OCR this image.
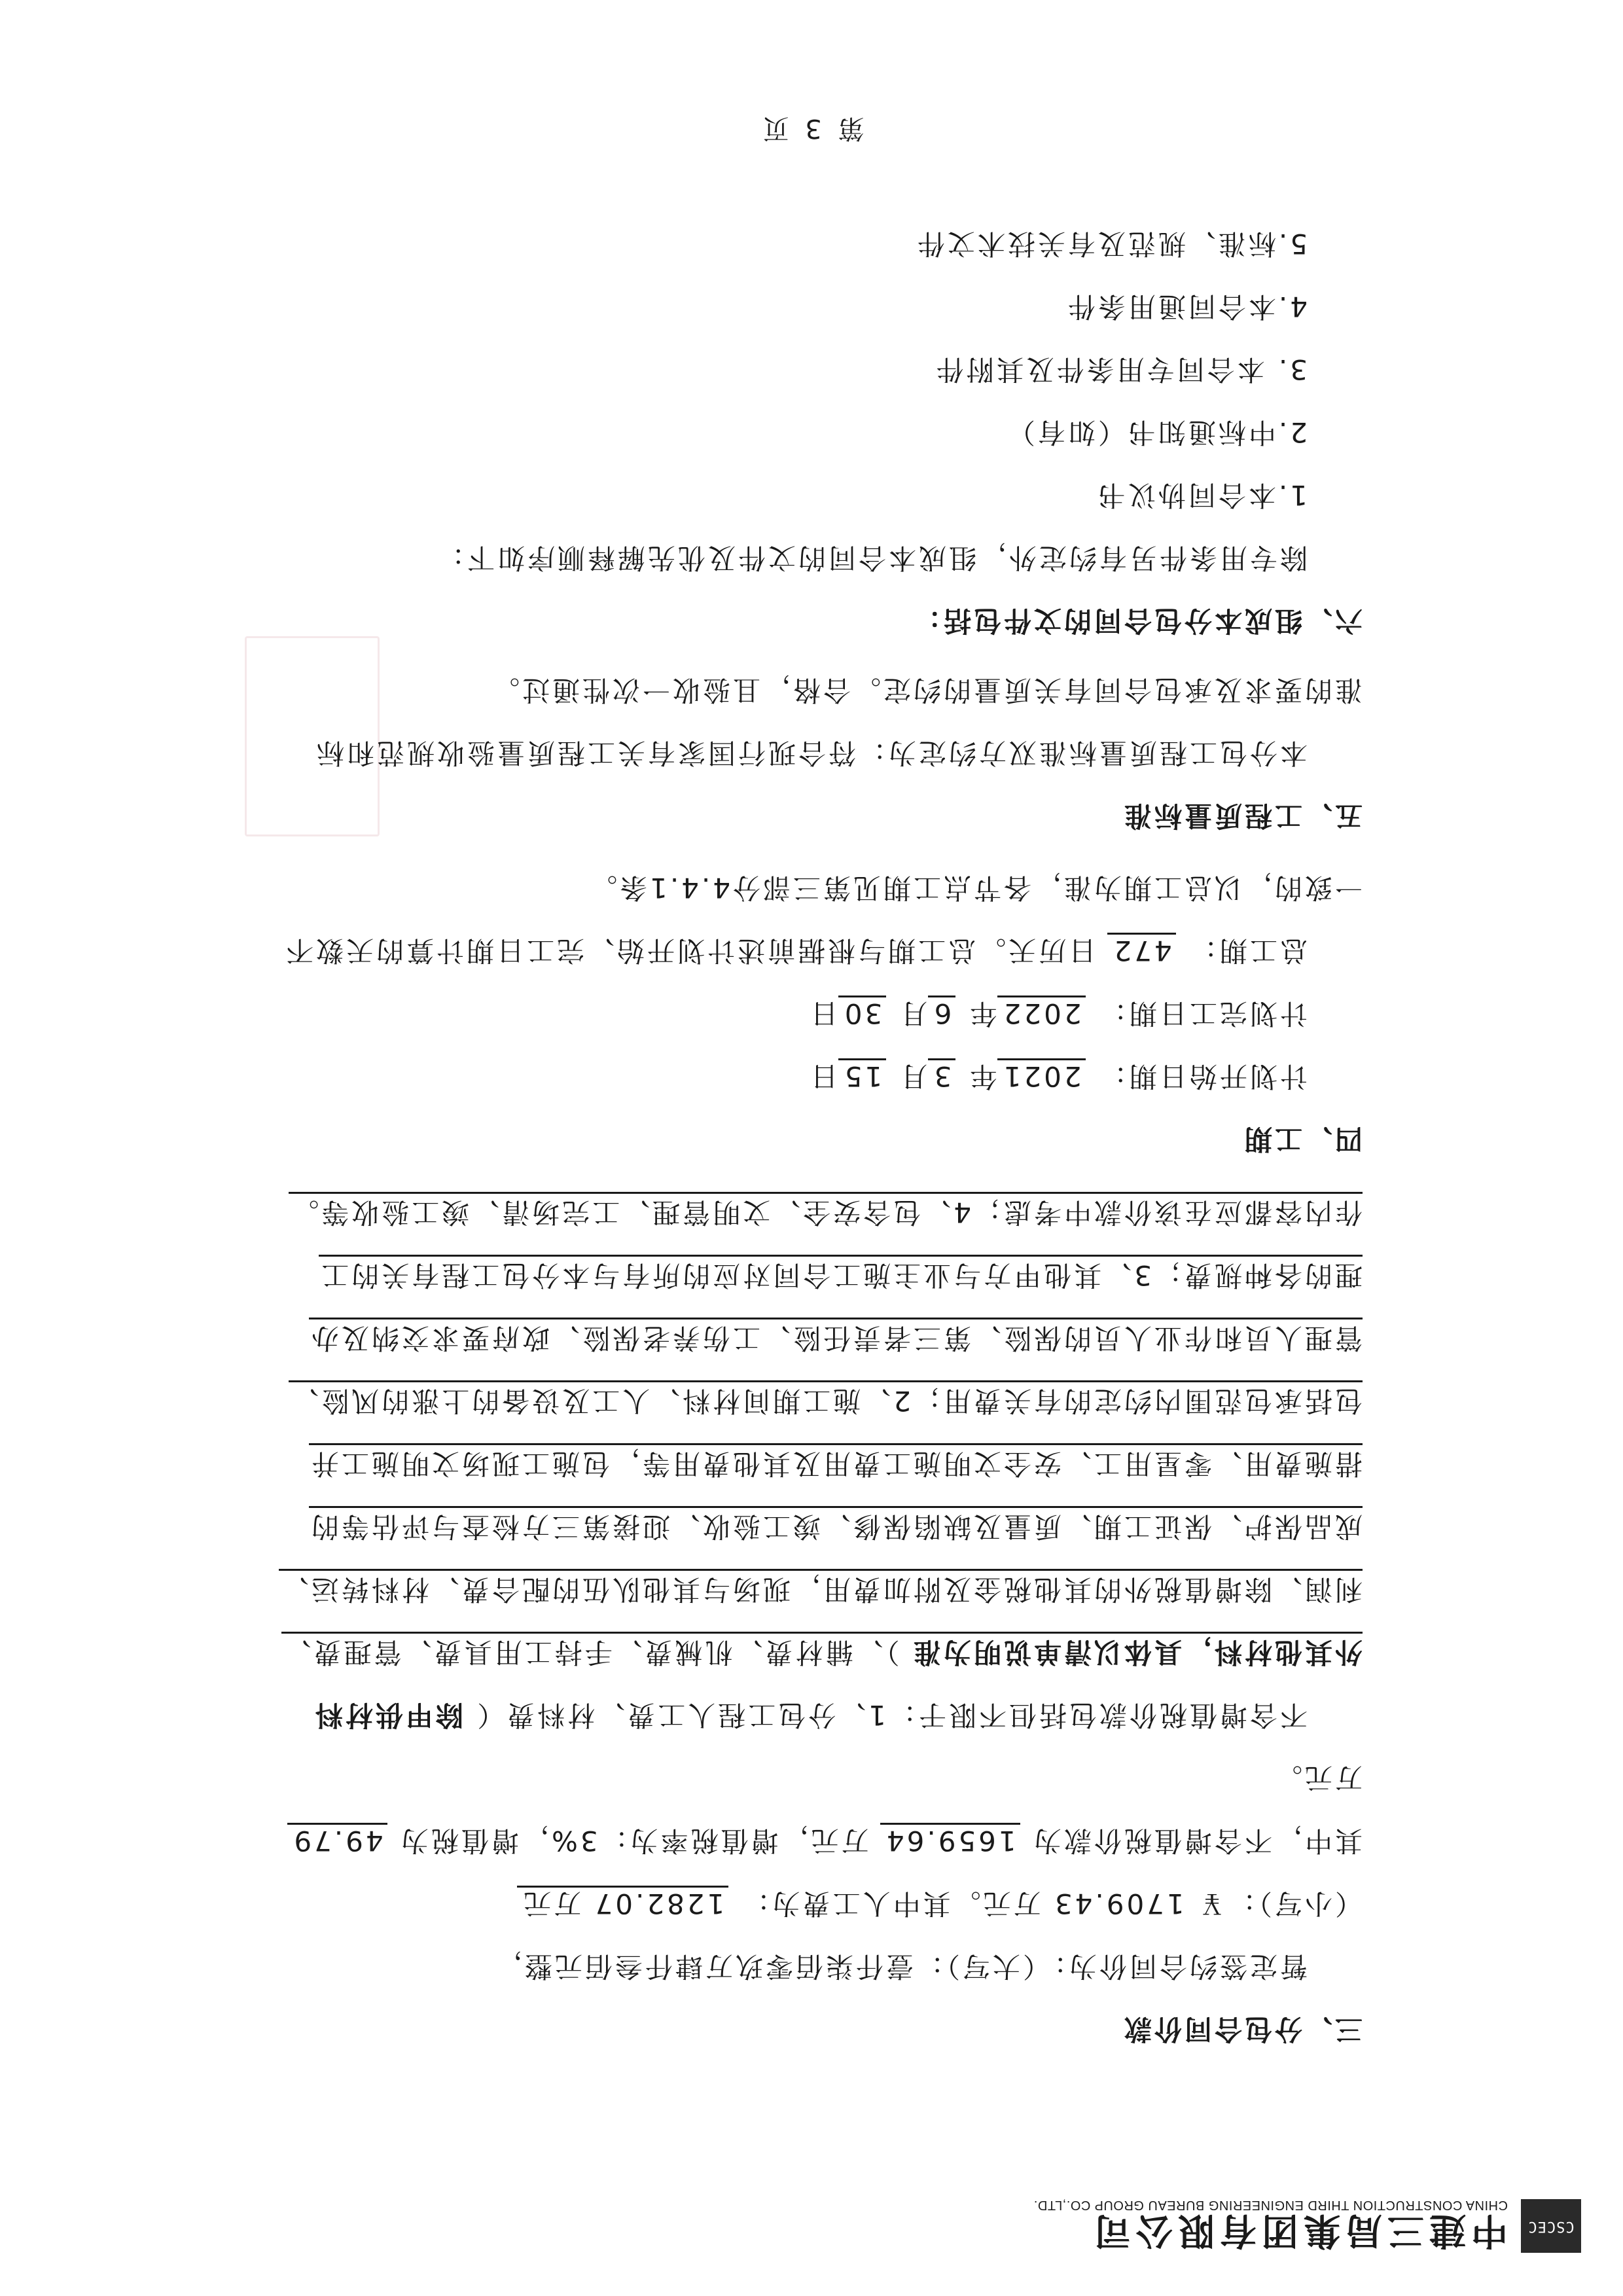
CSCEC
中建三局集团有限公司
CHINA CONSTRUCTION THIRD ENGINEERING BUREAU GROUP CO.,LTD.
三、分包合同价款
暂定签约合同价为：（大写）：壹仟柒佰零玖万肆仟叁佰元整，
（小写）：￥ 1709.43 万元。其中人工费为： 1282.07 万元
其中，不含增值税价款为 1659.64 万元，增值税率为：3%，增值税为 49.79
万元。
不含增值税价款包括但不限于：1、分包工程人工费、材料费（ 除甲供材料
外其他材料，具体以清单说明为准 ）、辅材费、机械费、手持工用具费、管理费、
利润、除增值税外的其他税金及附加费用，现场与其他队伍的配合费、材料转运、
成品保护、保证工期、质量及缺陷保修、竣工验收、迎接第三方检查与评估等的
措施费用、零星用工、安全文明施工费用及其他费用等，包施工现场文明施工并
包括承包范围内约定的有关费用；2、施工期间材料、人工及设备的上涨的风险、
管理人员和作业人员的保险、第三者责任险、工伤养老保险、政府要求交纳及办
理的各种规费；3、其他甲方与业主施工合同对应的所有与本分包工程有关的工
作内容都应在该价款中考虑；4、包含安全、文明管理、工完场清、竣工验收等。
四、工期
计划开始日期： 2021年 3月 15日
计划完工日期： 2022年 6月 30日
总工期： 472 日历天。总工期与根据前述计划开始、完工日期计算的天数不
一致的，以总工期为准，各节点工期见第三部分4.4.1条。
五、工程质量标准
本分包工程质量标准双方约定为：符合现行国家有关工程质量验收规范和标
准的要求及承包合同有关质量的约定。合格，且验收一次性通过。
六、组成本分包合同的文件包括：
除专用条件另有约定外，组成本合同的文件及优先解释顺序如下：
1.本合同协议书
2.中标通知书（如有）
3. 本合同专用条件及其附件
4.本合同通用条件
5.标准、规范及有关技术文件
第 3 页
